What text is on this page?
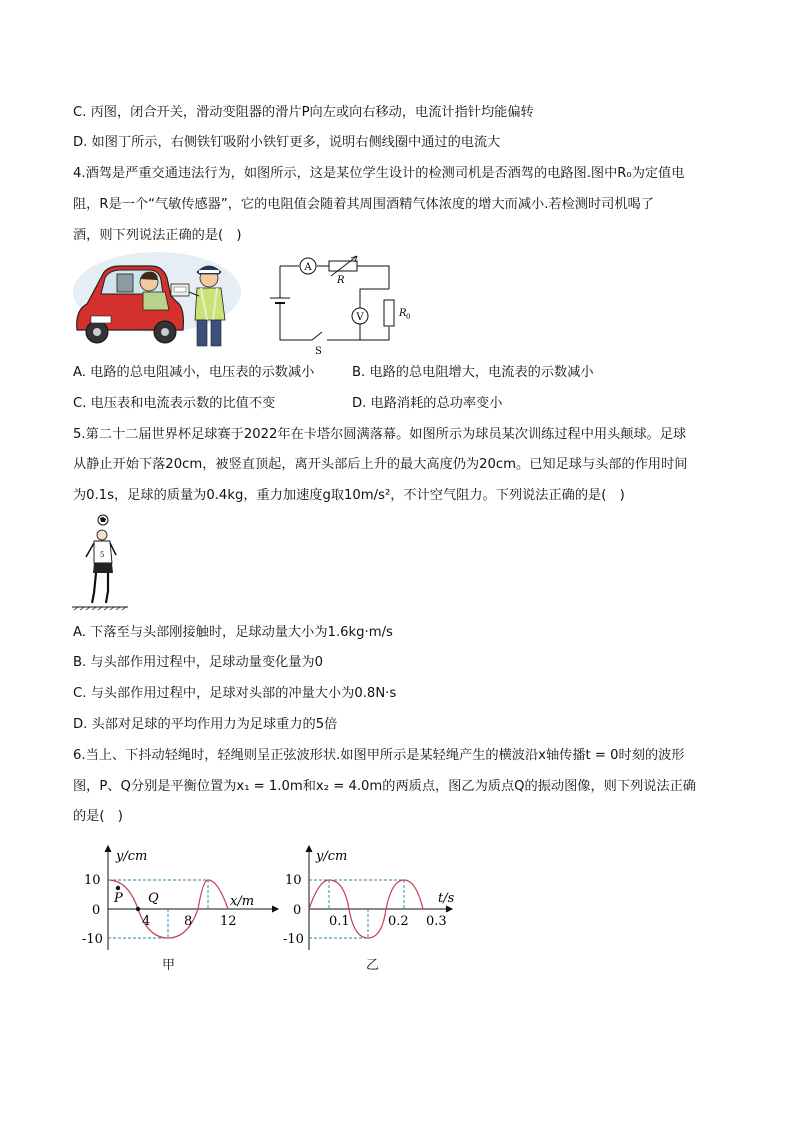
C. 丙图，闭合开关，滑动变阻器的滑片P向左或向右移动，电流计指针均能偏转
D. 如图丁所示，右侧铁钉吸附小铁钉更多，说明右侧线圈中通过的电流大
4.酒驾是严重交通违法行为，如图所示，这是某位学生设计的检测司机是否酒驾的电路图.图中R₀为定值电
阻，R是一个“气敏传感器”，它的电阻值会随着其周围酒精气体浓度的增大而减小.若检测时司机喝了
酒，则下列说法正确的是(　)
A
R
V	R 0
S
A. 电路的总电阻减小，电压表的示数减小	B. 电路的总电阻增大，电流表的示数减小
C. 电压表和电流表示数的比值不变	D. 电路消耗的总功率变小
5.第二十二届世界杯足球赛于2022年在卡塔尔圆满落幕。如图所示为球员某次训练过程中用头颠球。足球
从静止开始下落20cm，被竖直顶起，离开头部后上升的最大高度仍为20cm。已知足球与头部的作用时间
为0.1s，足球的质量为0.4kg，重力加速度g取10m/s²，不计空气阻力。下列说法正确的是(　)
5
A. 下落至与头部刚接触时，足球动量大小为1.6kg·m/s
B. 与头部作用过程中，足球动量变化量为0
C. 与头部作用过程中，足球对头部的冲量大小为0.8N·s
D. 头部对足球的平均作用力为足球重力的5倍
6.当上、下抖动轻绳时，轻绳则呈正弦波形状.如图甲所示是某轻绳产生的横波沿x轴传播t = 0时刻的波形
图，P、Q分别是平衡位置为x₁ = 1.0m和x₂ = 4.0m的两质点，图乙为质点Q的振动图像，则下列说法正确
的是(　)
y/cm
x/m
10
0
-10
4	8 12
P Q
甲
y/cm
t/s
10
0
-10
0.1	0.2 0.3
乙
